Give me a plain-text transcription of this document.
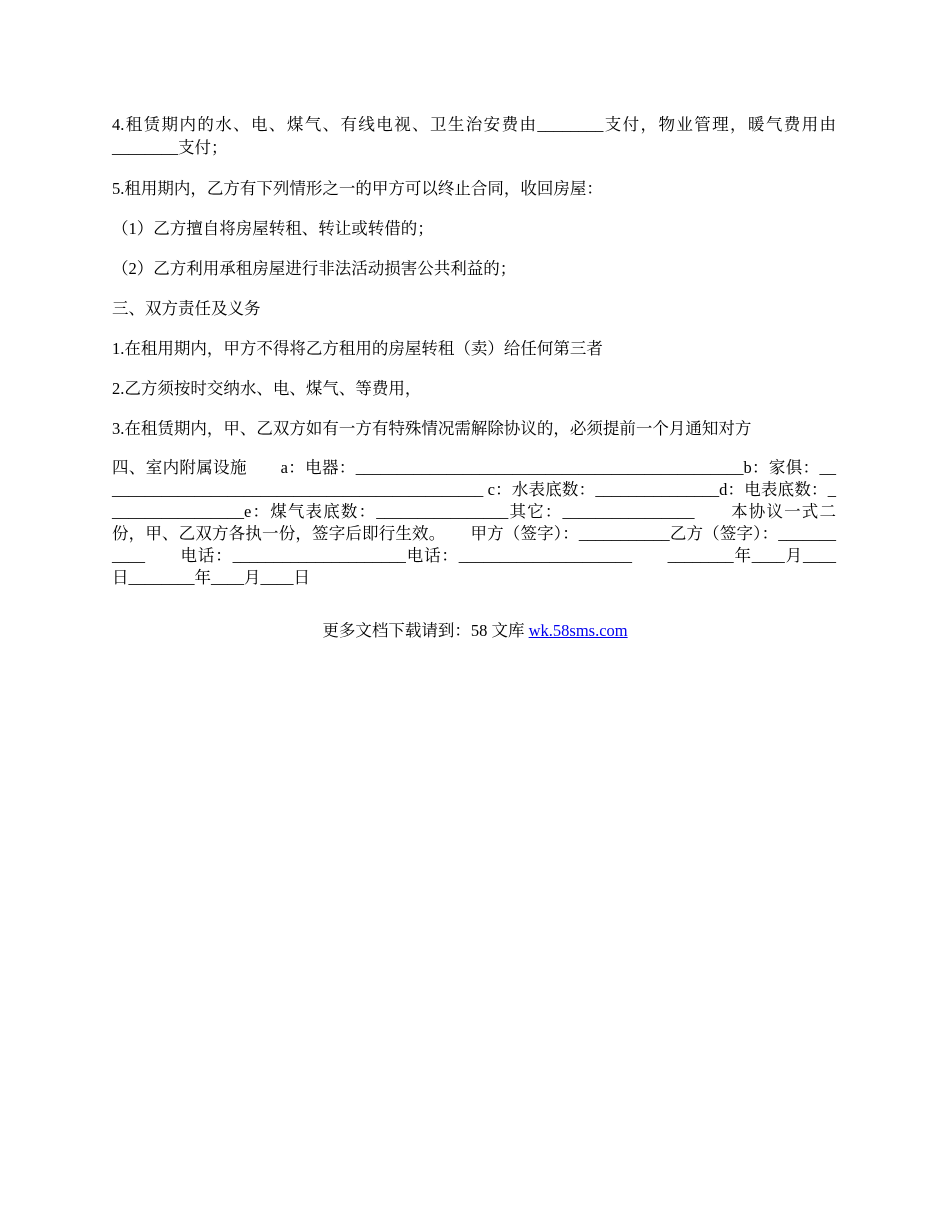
4.租赁期内的水、电、煤气、有线电视、卫生治安费由________支付，物业管理，暖气费用由________支付；

5.租用期内，乙方有下列情形之一的甲方可以终止合同，收回房屋：

（1）乙方擅自将房屋转租、转让或转借的；

（2）乙方利用承租房屋进行非法活动损害公共利益的；

三、双方责任及义务

1.在租用期内，甲方不得将乙方租用的房屋转租（卖）给任何第三者

2.乙方须按时交纳水、电、煤气、等费用，

3.在租赁期内，甲、乙双方如有一方有特殊情况需解除协议的，必须提前一个月通知对方

四、室内附属设施　　a：电器：_______________________________________________b：家俱：_______________________________________________ c：水表底数：_______________d：电表底数：_________________e：煤气表底数：________________其它：________________　　本协议一式二份，甲、乙双方各执一份，签字后即行生效。　　甲方（签字）：___________乙方（签字）：___________　　电话：_____________________电话：_____________________　　________年____月____日________年____月____日
更多文档下载请到：58 文库 wk.58sms.com
